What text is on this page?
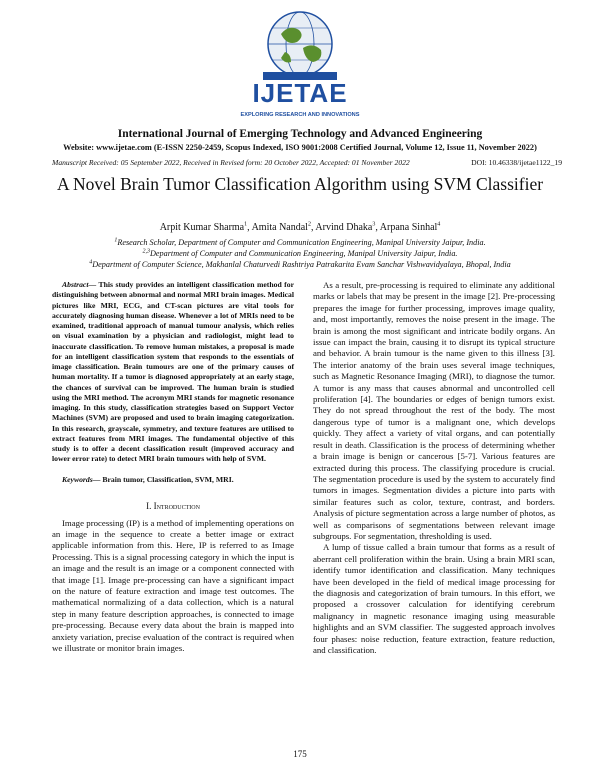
IJETAE
EXPLORING RESEARCH AND INNOVATIONS
International Journal of Emerging Technology and Advanced Engineering
Website: www.ijetae.com (E-ISSN 2250-2459, Scopus Indexed, ISO 9001:2008 Certified Journal, Volume 12, Issue 11, November 2022)
Manuscript Received: 05 September 2022, Received in Revised form: 20 October 2022, Accepted: 01 November 2022	DOI: 10.46338/ijetae1122_19
A Novel Brain Tumor Classification Algorithm using SVM Classifier
Arpit Kumar Sharma$^1$, Amita Nandal$^2$, Arvind Dhaka$^3$, Arpana Sinhal$^4$
$^1$Research Scholar, Department of Computer and Communication Engineering, Manipal University Jaipur, India.
$^{2,3}$Department of Computer and Communication Engineering, Manipal University Jaipur, India.
$^4$Department of Computer Science, Makhanlal Chaturvedi Rashtriya Patrakarita Evam Sanchar Vishwavidyalaya, Bhopal, India

Abstract— This study provides an intelligent classification method for distinguishing between abnormal and normal MRI brain images. Medical pictures like MRI, ECG, and CT-scan pictures are vital tools for accurately diagnosing human disease. Whenever a lot of MRIs need to be examined, traditional approach of manual tumour analysis, which relies on visual examination by a physician and radiologist, might lead to inaccurate classification. To remove human mistakes, a proposal is made for an intelligent classification system that responds to the essentials of image classification. Brain tumours are one of the primary causes of human mortality. If a tumor is diagnosed appropriately at an early stage, the chances of survival can be improved. The human brain is studied using the MRI method. The acronym MRI stands for magnetic resonance imaging. In this study, classification strategies based on Support Vector Machines (SVM) are proposed and used to brain imaging categorization. In this research, grayscale, symmetry, and texture features are utilised to extract features from MRI images. The fundamental objective of this study is to offer a decent classification result (improved accuracy and lower error rate) to detect MRI brain tumours with help of SVM.

Keywords— Brain tumor, Classification, SVM, MRI.
I. Introduction

Image processing (IP) is a method of implementing operations on an image in the sequence to create a better image or extract applicable information from this. Here, IP is referred to as Image Processing. This is a signal processing category in which the input is an image and the result is an image or a component connected with that image [1]. Image pre-processing can have a significant impact on the nature of feature extraction and image test outcomes. The mathematical normalizing of a data collection, which is a natural step in many feature description approaches, is connected to image pre-processing. Because every data about the brain is mapped into anxiety variation, precise evaluation of the contract is required when we illustrate or monitor brain images.

As a result, pre-processing is required to eliminate any additional marks or labels that may be present in the image [2]. Pre-processing prepares the image for further processing, improves image quality, and, most importantly, removes the noise present in the image. The brain is among the most significant and intricate bodily organs. An issue can impact the brain, causing it to disrupt its typical structure and behavior. A brain tumour is the name given to this illness [3]. The interior anatomy of the brain uses several image techniques, such as Magnetic Resonance Imaging (MRI), to diagnose the tumor. A tumor is any mass that causes abnormal and uncontrolled cell proliferation [4]. The boundaries or edges of benign tumors exist. They do not spread throughout the rest of the body. The most dangerous type of tumor is a malignant one, which develops quickly. They affect a variety of vital organs, and can potentially result in death. Classification is the process of determining whether a brain image is benign or cancerous [5-7]. Various features are extracted during this process. The classifying procedure is crucial. The segmentation procedure is used by the system to accurately find tumors in images. Segmentation divides a picture into parts with similar features such as color, texture, contrast, and borders. Analysis of picture segmentation across a large number of photos, as well as comparisons of segmentations between relevant image subgroups. For segmentation, thresholding is used.

A lump of tissue called a brain tumour that forms as a result of aberrant cell proliferation within the brain. Using a brain MRI scan, identify tumor identification and classification. Many techniques have been developed in the field of medical image processing for the diagnosis and categorization of brain tumours. In this effort, we proposed a crossover calculation for identifying cerebrum malignancy in magnetic resonance imaging using measurable highlights and an SVM classifier. The suggested approach involves four phases: noise reduction, feature extraction, feature reduction, and classification.

175
